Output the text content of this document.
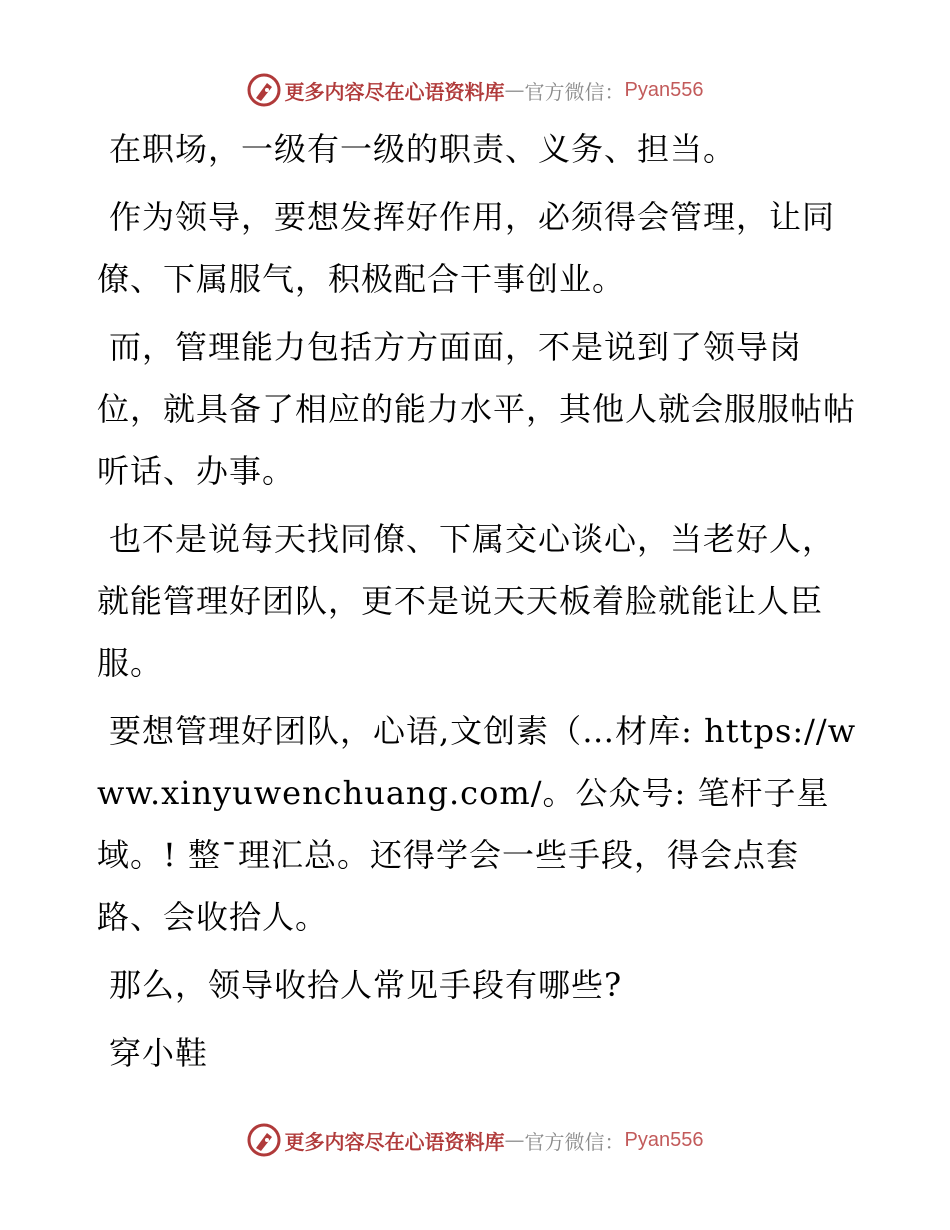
更多内容尽在心语资料库 — 官方微信： Pyan556

在职场，一级有一级的职责、义务、担当。

作为领导，要想发挥好作用，必须得会管理，让同僚、下属服气，积极配合干事创业。

而，管理能力包括方方面面，不是说到了领导岗位，就具备了相应的能力水平，其他人就会服服帖帖听话、办事。

也不是说每天找同僚、下属交心谈心，当老好人，就能管理好团队，更不是说天天板着脸就能让人臣服。

要想管理好团队，心语,文创素（…材库: https://www.xinyuwenchuang.com/。公众号: 笔杆子星域。! 整¯理汇总。还得学会一些手段，得会点套路、会收拾人。

那么，领导收拾人常见手段有哪些?

穿小鞋

更多内容尽在心语资料库 — 官方微信： Pyan556
